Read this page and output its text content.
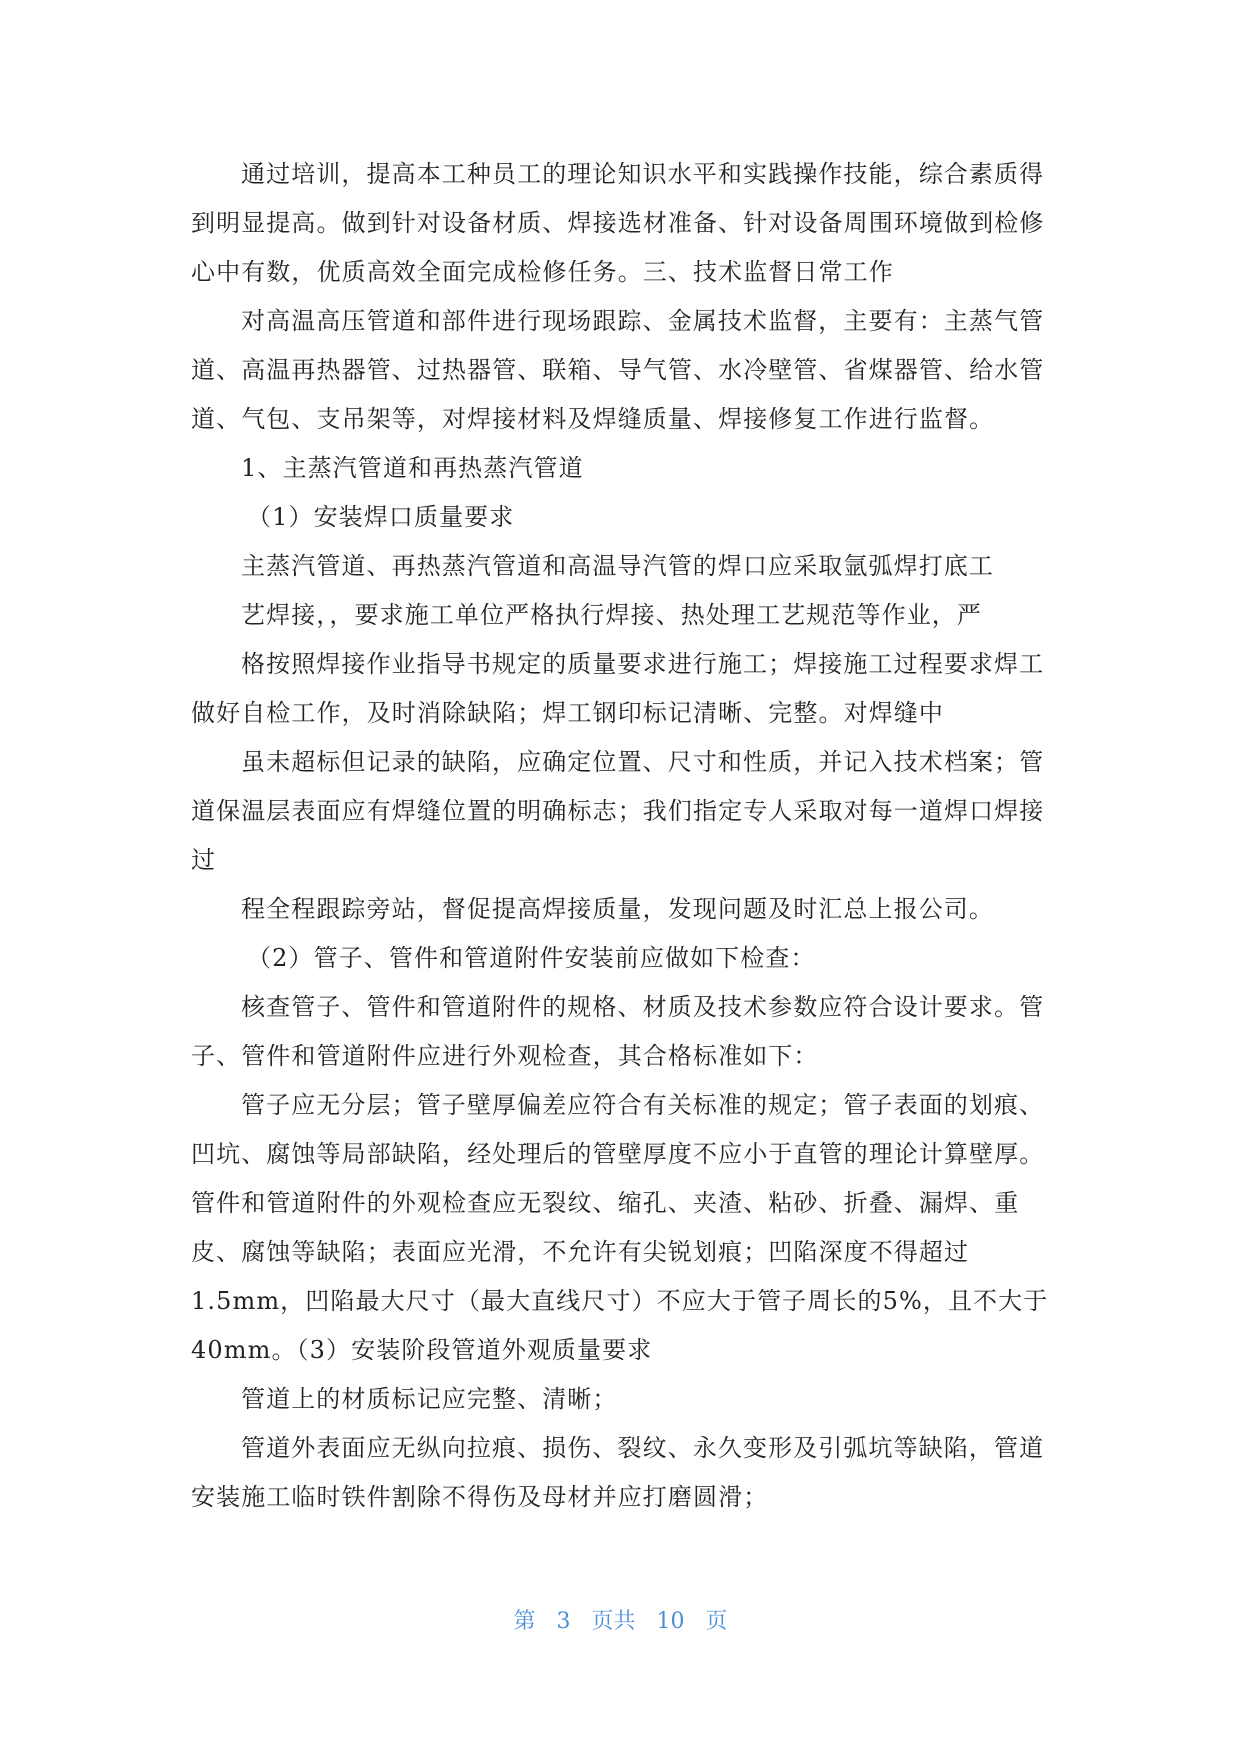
通过培训，提高本工种员工的理论知识水平和实践操作技能，综合素质得
到明显提高。做到针对设备材质、焊接选材准备、针对设备周围环境做到检修
心中有数，优质高效全面完成检修任务。三、技术监督日常工作
对高温高压管道和部件进行现场跟踪、金属技术监督，主要有：主蒸气管
道、高温再热器管、过热器管、联箱、导气管、水冷壁管、省煤器管、给水管
道、气包、支吊架等，对焊接材料及焊缝质量、焊接修复工作进行监督。
1、主蒸汽管道和再热蒸汽管道
（1）安装焊口质量要求
主蒸汽管道、再热蒸汽管道和高温导汽管的焊口应采取氩弧焊打底工
艺焊接，，要求施工单位严格执行焊接、热处理工艺规范等作业，严
格按照焊接作业指导书规定的质量要求进行施工；焊接施工过程要求焊工
做好自检工作，及时消除缺陷；焊工钢印标记清晰、完整。对焊缝中
虽未超标但记录的缺陷，应确定位置、尺寸和性质，并记入技术档案；管
道保温层表面应有焊缝位置的明确标志；我们指定专人采取对每一道焊口焊接
过
程全程跟踪旁站，督促提高焊接质量，发现问题及时汇总上报公司。
（2）管子、管件和管道附件安装前应做如下检查：
核查管子、管件和管道附件的规格、材质及技术参数应符合设计要求。管
子、管件和管道附件应进行外观检查，其合格标准如下：
管子应无分层；管子壁厚偏差应符合有关标准的规定；管子表面的划痕、
凹坑、腐蚀等局部缺陷，经处理后的管壁厚度不应小于直管的理论计算壁厚。
管件和管道附件的外观检查应无裂纹、缩孔、夹渣、粘砂、折叠、漏焊、重
皮、腐蚀等缺陷；表面应光滑，不允许有尖锐划痕；凹陷深度不得超过
1.5mm，凹陷最大尺寸（最大直线尺寸）不应大于管子周长的5%，且不大于
40mm。（3）安装阶段管道外观质量要求
管道上的材质标记应完整、清晰；
管道外表面应无纵向拉痕、损伤、裂纹、永久变形及引弧坑等缺陷，管道
安装施工临时铁件割除不得伤及母材并应打磨圆滑；
第 3 页共 10 页
